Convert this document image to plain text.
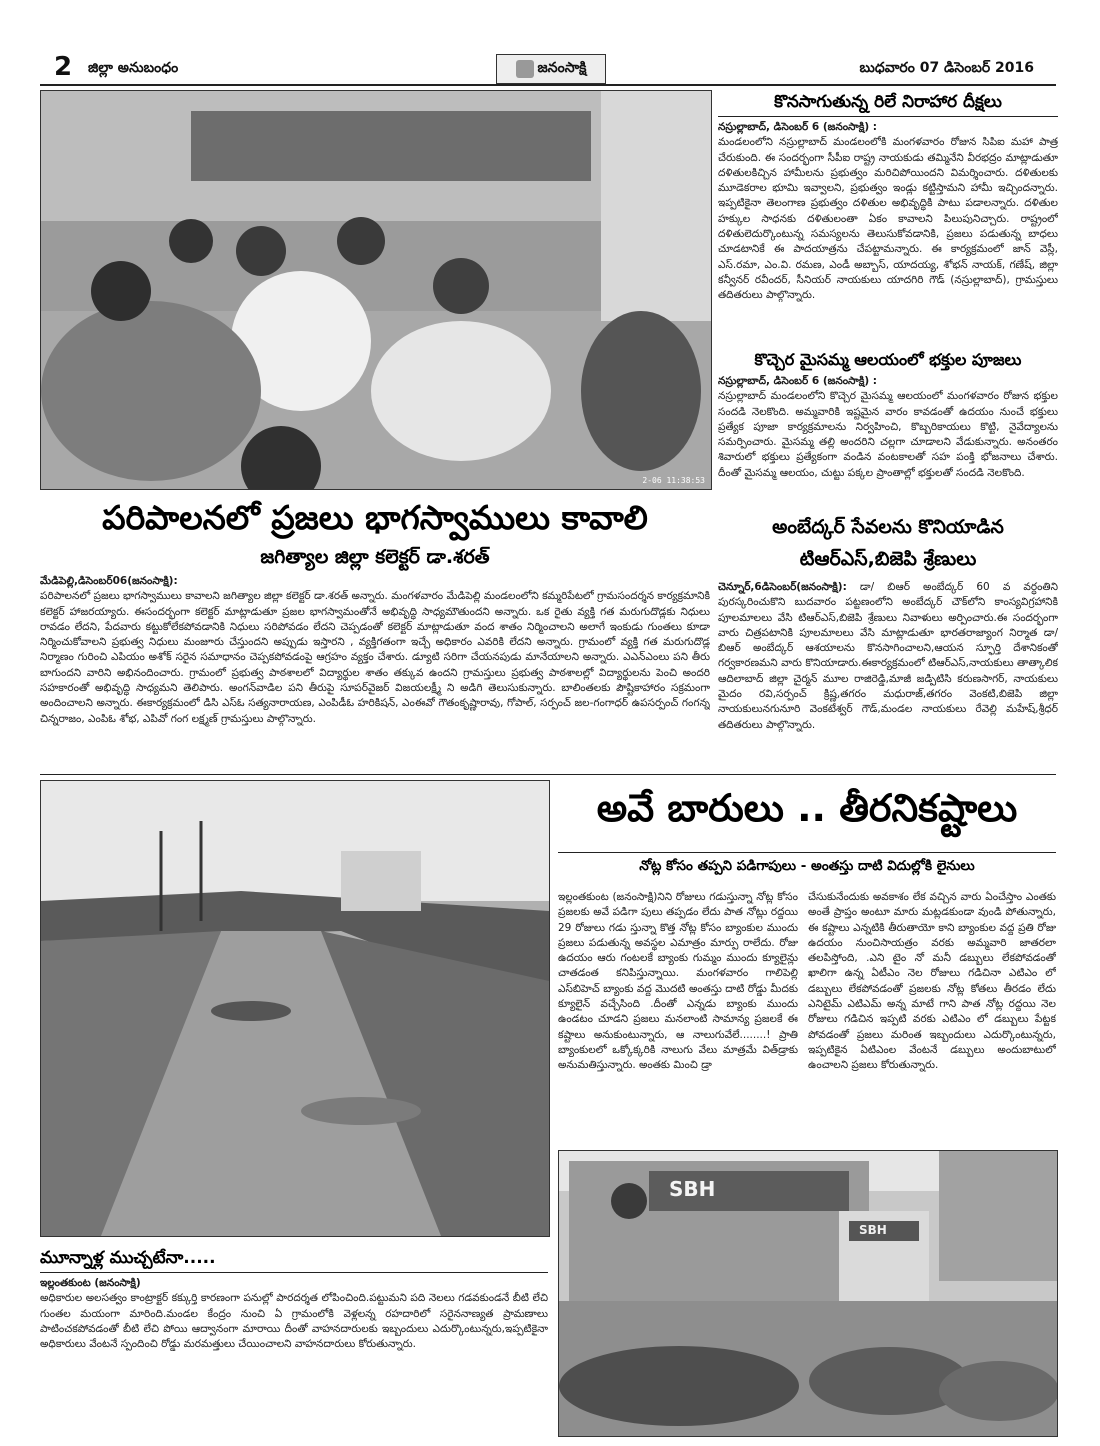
2 జిల్లా అనుబంధం	జనంసాక్షి	బుధవారం 07 డిసెంబర్ 2016
2-06 11:38:53
కొనసాగుతున్న రిలే నిరాహార దీక్షలు
నస్రుల్లాబాద్, డిసెంబర్ 6 (జనంసాక్షి) :
మండలంలోని నస్రుల్లాబాద్ మండలంలోకి మంగళవారం రోజున సిపిఐ మహా పాత్ర చేరుకుంది. ఈ సందర్భంగా సీపీఐ రాష్ట్ర నాయకుడు తమ్మినేని వీరభద్రం మాట్లాడుతూ దళితులకిచ్చిన హామీలను ప్రభుత్వం మరిచిపోయిందని విమర్శించారు. దళితులకు మూడెకరాల భూమి ఇవ్వాలని, ప్రభుత్వం ఇండ్లు కట్టిస్తామని హామీ ఇచ్చిందన్నారు. ఇప్పటికైనా తెలంగాణ ప్రభుత్వం దళితుల అభివృద్ధికి పాటు పడాలన్నారు. దళితుల హక్కుల సాధనకు దళితులంతా ఏకం కావాలని పిలుపునిచ్చారు. రాష్ట్రంలో దళితులెదుర్కొంటున్న సమస్యలను తెలుసుకోవడానికి, ప్రజలు పడుతున్న బాధలు చూడటానికే ఈ పాదయాత్రను చేపట్టామన్నారు. ఈ కార్యక్రమంలో జాన్ వెస్లీ, ఎస్.రమా, ఎం.వి. రమణ, ఎండీ అబ్బాస్, యాదయ్య, శోభన్ నాయక్, గణేష్, జిల్లా కన్వీనర్ రవీందర్, సీనియర్ నాయకులు యాదగిరి గౌడ్ (నస్రుల్లాబాద్), గ్రామస్తులు తదితరులు పాల్గొన్నారు.
కొచ్చెర మైసమ్మ ఆలయంలో భక్తుల పూజలు
నస్రుల్లాబాద్, డిసెంబర్ 6 (జనంసాక్షి) :
నస్రుల్లాబాద్ మండలంలోని కొచ్చెర మైసమ్మ ఆలయంలో మంగళవారం రోజున భక్తుల సందడి నెలకొంది. అమ్మవారికి ఇష్టమైన వారం కావడంతో ఉదయం నుంచే భక్తులు ప్రత్యేక పూజా కార్యక్రమాలను నిర్వహించి, కొబ్బరికాయలు కొట్టి, నైవేద్యాలను సమర్పించారు. మైసమ్మ తల్లి అందరిని చల్లగా చూడాలని వేడుకున్నారు. అనంతరం శివారులో భక్తులు ప్రత్యేకంగా వండిన వంటకాలతో సహ పంక్తి భోజనాలు చేశారు. దీంతో మైసమ్మ ఆలయం, చుట్టు పక్కల ప్రాంతాల్లో భక్తులతో సందడి నెలకొంది.
అంబేద్కర్ సేవలను కొనియాడిన
టిఆర్ఎస్,బిజెపి శ్రేణులు
చెన్నూర్,6డిసెంబర్(జనంసాక్షి): డా/ బిఆర్ అంబేద్కర్ 60 వ వర్ధంతిని పురస్కరించుకొని బుదవారం పట్టణంలోని అంబేద్కర్ చౌక్‌లోని కాంస్యవిగ్రహానికి పూలమాలలు వేసి టిఆర్ఎస్,బిజెపి శ్రేణులు నివాళులు అర్పించారు.ఈ సందర్భంగా వారు చిత్రపటానికి పూలమాలలు వేసి మాట్లాడుతూ భారతరాజ్యాంగ నిర్మాత డా/ బిఆర్ అంబేద్కర్ ఆశయాలను కొనసాగించాలని,ఆయన స్ఫూర్తి దేశానికంతో గర్వకారణమని వారు కొనియాడారు.ఈకార్యక్రమంలో టిఆర్ఎస్,నాయకులు తాత్కాలిక ఆదిలాబాద్ జిల్లా చైర్మన్ మూల రాజిరెడ్డి,మాజీ జడ్పిటిసి కరుణసాగర్, నాయకులు మైదం రవి,సర్పంచ్ క్రిష్ణ,తగరం మధురాజ్,తగరం వెంకటి,బిజెపి జిల్లా నాయకులునగునూరి వెంకటేశ్వర్ గౌడ్,మండల నాయకులు రేవెల్లి మహేష్,శ్రీధర్ తదితరులు పాల్గొన్నారు.
పరిపాలనలో ప్రజలు భాగస్వాములు కావాలి
జగిత్యాల జిల్లా కలెక్టర్ డా.శరత్
మేడిపెల్లి,డిసెంబర్06(జనంసాక్షి):
పరిపాలనలో ప్రజలు భాగస్వాములు కావాలని జగిత్యాల జిల్లా కలెక్టర్ డా.శరత్ అన్నారు. మంగళవారం మేడిపెల్లి మండలంలోని కమ్మరిపేటలో గ్రామసందర్శన కార్యక్రమానికి కలెక్టర్ హాజరయ్యారు. ఈసందర్భంగా కలెక్టర్ మాట్లాడుతూ ప్రజల భాగస్వామంతోనే అభివృద్ధి సాధ్యమౌతుందని అన్నారు. ఒక రైతు వ్యక్తి గత మరుగుదొడ్లకు నిధులు రావడం లేదని, పేదవారు కట్టుకోలేకపోవడానికి నిధులు సరిపోవడం లేదని చెప్పడంతో కలెక్టర్ మాట్లాడుతూ వంద శాతం నిర్మించాలని అలాగే ఇంకుడు గుంతలు కూడా నిర్మించుకోవాలని ప్రభుత్వ నిధులు మంజూరు చేస్తుందని అప్పుడు ఇస్తారని , వ్యక్తిగతంగా ఇచ్చే అధికారం ఎవరికి లేదని అన్నారు. గ్రామంలో వ్యక్తి గత మరుగుదొడ్ల నిర్మాణం గురించి ఎపియం అశోక్ సరైన సమాధానం చెప్పకపోవడంపై ఆగ్రహం వ్యక్తం చేశారు. డ్యూటి సరిగా చేయనపుడు మానేయాలని అన్నారు. ఎఎన్ఎంలు పని తీరు బాగుందని వారిని అభినందించారు. గ్రామంలో ప్రభుత్వ పాఠశాలలో విద్యార్థుల శాతం తక్కువ ఉందని గ్రామస్తులు ప్రభుత్వ పాఠశాలల్లో విద్యార్థులను పెంచి అందరి సహకారంతో అభివృద్ధి సాధ్యమని తెలిపారు. అంగన్‌వాడిల పని తీరుపై సూపర్‌వైజర్ విజయలక్ష్మీ ని అడిగి తెలుసుకున్నారు. బాలింతలకు పౌష్టికాహారం సక్రమంగా అందించాలని అన్నారు. ఈకార్యక్రమంలో డిసి ఎస్ఓ సత్యనారాయణ, ఎంపిడీఓ హరికిషన్, ఎంఈవో గౌతంకృష్ణారావు, గోపాల్, సర్పంచ్ జల-గంగాధర్ ఉపసర్పంచ్ గంగన్న చిన్నరాజం, ఎంపిఓ శోభ, ఎపివో గంగ లక్ష్మణ్ గ్రామస్తులు పాల్గొన్నారు.
అవే బారులు .. తీరనికష్టాలు
నోట్ల కోసం తప్పని పడిగాపులు - అంతస్తు దాటి విదుల్లోకి లైనులు
ఇల్లంతకుంట (జనంసాక్షి)నిని రోజులు గడుస్తున్నా నోట్ల కోసం ప్రజలకు అవే పడిగా పులు తప్పడం లేదు పాత నోట్లు రద్దయి 29 రోజులు గడు స్తున్నా కొత్త నోట్ల కోసం బ్యాంకుల ముందు ప్రజలు పడుతున్న అవస్థల ఎమాత్రం మార్పు రాలేదు. రోజు ఉదయం ఆరు గంటలకే బ్యాంకు గుమ్మం ముందు క్యూలైన్లు చాతడంత కనిపిస్తున్నాయి. మంగళవారం గాలిపెల్లి ఎస్‌బిహెచ్ బ్యాంకు వద్ద మొదటి అంతస్తు దాటి రోడ్డు మీదకు క్యూలైన్ వచ్చేసింది .దీంతో ఎన్నడు బ్యాంకు ముందు ఉండటం చూడని ప్రజలు మనలాంటి సామాన్య ప్రజలకే ఈ కష్టాలు అనుకుంటున్నారు, ఆ నాలుగువేలే........! ప్రాతి బ్యాంకులలో ఒక్కోక్కరికి నాలుగు వేలు మాత్రమే విత్‌డ్రాకు అనుమతిస్తున్నారు. అంతకు మించి డ్రా
చేసుకునేందుకు అవకాశం లేక వచ్చిన వారు ఏంచేస్తాం ఎంతకు అంతే ప్రాప్తం అంటూ మారు మట్లడకుండా వుండి పోతున్నారు, ఈ కష్టాలు ఎన్నటికి తీరుతాయో కాని బ్యాంకుల వద్ద ప్రతి రోజు ఉదయం నుంచిసాయత్రం వరకు అమ్మవారి జాతరలా తలపిస్తోంది, .ఎని టైం నో మనీ డబ్బులు లేకపోవడంతో ఖాలిగా ఉన్న ఏటీఎం నెల రోజులు గడిచినా ఎటిఎం లో డబ్బులు లేకపోవడంతో ప్రజలకు నోట్ల కోతలు తీరడం లేదు ఎనిటైమ్ ఎటిఎమ్ అన్న మాటే గాని పాత నోట్ల రద్దయి నెల రోజులు గడిచిన ఇప్పటి వరకు ఎటిఎం లో డబ్బులు పేట్టక పోవడంతో ప్రజలు మరింత ఇబ్బందులు ఎదుర్కొంటున్నరు, ఇప్పటికైన ఏటిఎంల వేంటనే డబ్బులు అందుబాటులో ఉంచాలని ప్రజలు కోరుతున్నారు.
SBH
SBH
మూన్నాళ్ల ముచ్చటేనా.....
ఇల్లంతకుంట (జనంసాక్షి)
అధికారుల అలసత్వం కాంట్రాక్టర్ కక్కుర్తి కారణంగా పనుల్లో పారదర్శత లోపించింది.పట్టుమని పది నెలలు గడవకుండనే బీటి లేచి గుంతల మయంగా మారింది.మండల కేంద్రం నుంచి ఏ గ్రామంలోకి వెళ్లలన్న రహదారిలో సరైననాణ్యత ప్రామణాలు పాటించకపోవడంతో బీటి లేచి పోయి ఆద్వానంగా మారాయి దీంతో వాహనదారులకు ఇబ్బందులు ఎదుర్కొంటున్నరు,ఇప్పటికైనా అధికారులు వేంటనే స్పందించి రోడ్డు మరమత్తులు చేయించాలని వాహనదారులు కోరుతున్నారు.
